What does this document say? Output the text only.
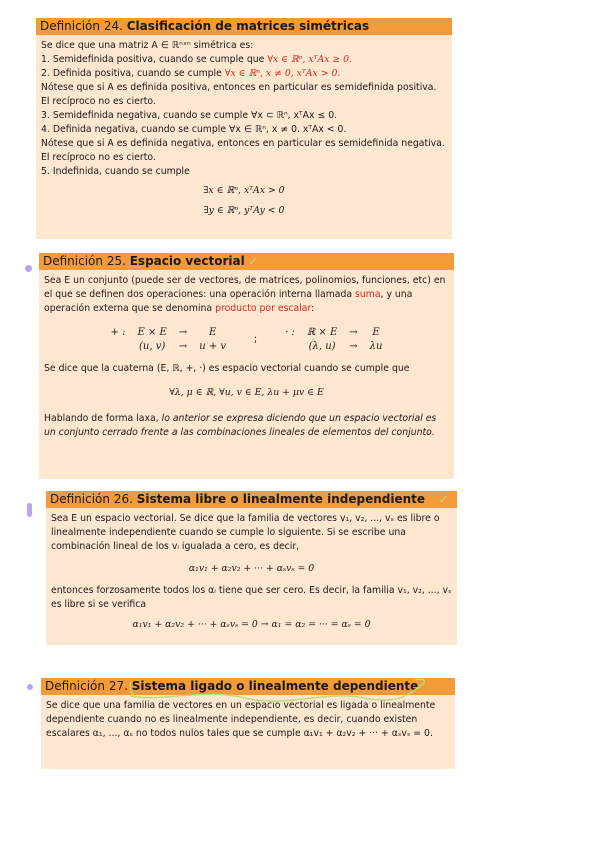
Definición 24. Clasificación de matrices simétricas

Se dice que una matriz A ∈ ℝⁿˣⁿ simétrica es:

1. Semidefinida positiva, cuando se cumple que ∀x ∈ ℝⁿ, xᵀAx ≥ 0.

2. Definida positiva, cuando se cumple ∀x ∈ ℝⁿ, x ≠ 0, xᵀAx > 0.

Nótese que si A es definida positiva, entonces en particular es semidefinida positiva. El recíproco no es cierto.

3. Semidefinida negativa, cuando se cumple ∀x ⊂ ℝⁿ, xᵀAx ≤ 0.

4. Definida negativa, cuando se cumple ∀x ∈ ℝⁿ, x ≠ 0. xᵀAx < 0.

Nótese que si A es definida negativa, entonces en particular es semidefinida negativa. El recíproco no es cierto.

5. Indefinida, cuando se cumple

∃x ∈ ℝⁿ, xᵀAx > 0

∃y ∈ ℝⁿ, yᵀAy < 0

Definición 25. Espacio vectorial ✓

Sea E un conjunto (puede ser de vectores, de matrices, polinomios, funciones, etc) en el que se definen dos operaciones: una operación interna llamada suma, y una operación externa que se denomina producto por escalar:

+ :	E × E	→	E
	(u, v)	→	u + v
;
· :	ℝ × E	→	E
	(λ, u)	→	λu

Se dice que la cuaterna (E, ℝ, +, ·) es espacio vectorial cuando se cumple que

∀λ, μ ∈ ℝ, ∀u, v ∈ E, λu + μv ∈ E

Hablando de forma laxa, lo anterior se expresa diciendo que un espacio vectorial es un conjunto cerrado frente a las combinaciones lineales de elementos del conjunto.

Definición 26. Sistema libre o linealmente independiente ✓

Sea E un espacio vectorial. Se dice que la familia de vectores v₁, v₂, ..., vₛ es libre o linealmente independiente cuando se cumple lo siguiente. Si se escribe una combinación lineal de los vᵢ igualada a cero, es decir,

α₁v₁ + α₂v₂ + ··· + αₛvₛ = 0

entonces forzosamente todos los αᵢ tiene que ser cero. Es decir, la familia v₁, v₂, ..., vₛ es libre si se verifica

α₁v₁ + α₂v₂ + ··· + αₛvₛ = 0 → α₁ = α₂ = ··· = αₛ = 0

Definición 27. Sistema ligado o linealmente dependiente

Se dice que una familia de vectores en un espacio vectorial es ligada o linealmente dependiente cuando no es linealmente independiente, es decir, cuando existen escalares α₁, ..., αₛ no todos nulos tales que se cumple α₁v₁ + α₂v₂ + ··· + αₛvₛ = 0.
